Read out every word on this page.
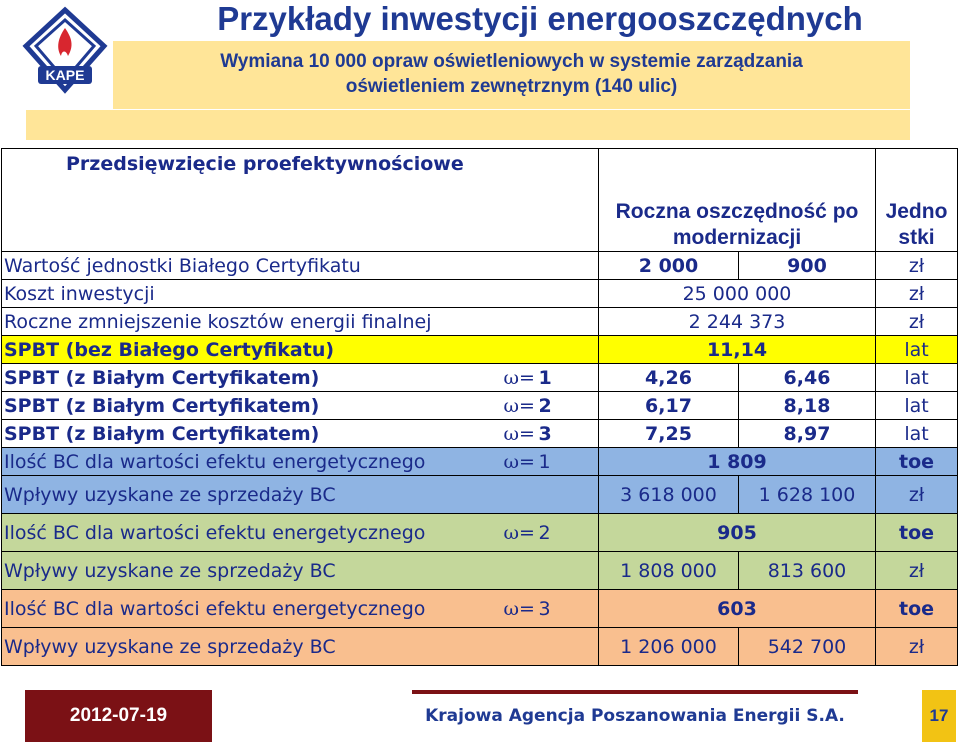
KAPE
Przykłady inwestycji energooszczędnych
Wymiana 10 000 opraw oświetleniowych w systemie zarządzania
oświetleniem zewnętrznym (140 ulic)
Przedsięwzięcie proefektywnościowe					
			Roczna oszczędność po modernizacji		Jedno stki
Wartość jednostki Białego Certyfikatu			2 000	900	zł
Koszt inwestycji			25 000 000		zł
Roczne zmniejszenie kosztów energii finalnej			2 244 373		zł
SPBT (bez Białego Certyfikatu)			11,14		lat
SPBT (z Białym Certyfikatem)	ω=	1	4,26	6,46	lat
SPBT (z Białym Certyfikatem)	ω=	2	6,17	8,18	lat
SPBT (z Białym Certyfikatem)	ω=	3	7,25	8,97	lat
Ilość BC dla wartości efektu energetycznego	ω=	1	1 809		toe
Wpływy uzyskane ze sprzedaży BC			3 618 000	1 628 100	zł
Ilość BC dla wartości efektu energetycznego	ω=	2	905		toe
Wpływy uzyskane ze sprzedaży BC			1 808 000	813 600	zł
Ilość BC dla wartości efektu energetycznego	ω=	3	603		toe
Wpływy uzyskane ze sprzedaży BC			1 206 000	542 700	zł
2012-07-19	Krajowa Agencja Poszanowania Energii S.A.	17
